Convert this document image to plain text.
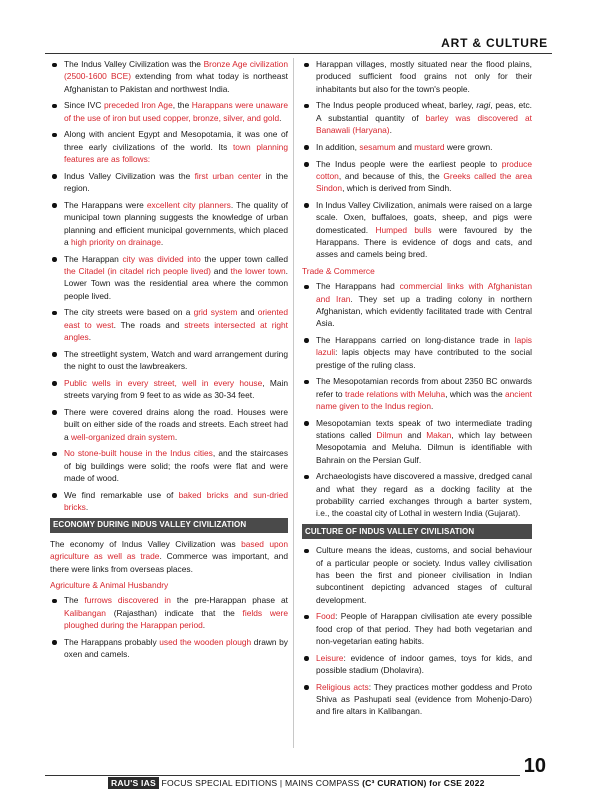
ART & CULTURE
The Indus Valley Civilization was the Bronze Age civilization (2500-1600 BCE) extending from what today is northeast Afghanistan to Pakistan and northwest India.
Since IVC preceded Iron Age, the Harappans were unaware of the use of iron but used copper, bronze, silver, and gold.
Along with ancient Egypt and Mesopotamia, it was one of three early civilizations of the world. Its town planning features are as follows:
Indus Valley Civilization was the first urban center in the region.
The Harappans were excellent city planners. The quality of municipal town planning suggests the knowledge of urban planning and efficient municipal governments, which placed a high priority on drainage.
The Harappan city was divided into the upper town called the Citadel (in citadel rich people lived) and the lower town. Lower Town was the residential area where the common people lived.
The city streets were based on a grid system and oriented east to west. The roads and streets intersected at right angles.
The streetlight system, Watch and ward arrangement during the night to oust the lawbreakers.
Public wells in every street, well in every house, Main streets varying from 9 feet to as wide as 30-34 feet.
There were covered drains along the road. Houses were built on either side of the roads and streets. Each street had a well-organized drain system.
No stone-built house in the Indus cities, and the staircases of big buildings were solid; the roofs were flat and were made of wood.
We find remarkable use of baked bricks and sun-dried bricks.
ECONOMY DURING INDUS VALLEY CIVILIZATION

The economy of Indus Valley Civilization was based upon agriculture as well as trade. Commerce was important, and there were links from overseas places.

Agriculture & Animal Husbandry
The furrows discovered in the pre-Harappan phase at Kalibangan (Rajasthan) indicate that the fields were ploughed during the Harappan period.
The Harappans probably used the wooden plough drawn by oxen and camels.
Harappan villages, mostly situated near the flood plains, produced sufficient food grains not only for their inhabitants but also for the town's people.
The Indus people produced wheat, barley, ragi, peas, etc. A substantial quantity of barley was discovered at Banawali (Haryana).
In addition, sesamum and mustard were grown.
The Indus people were the earliest people to produce cotton, and because of this, the Greeks called the area Sindon, which is derived from Sindh.
In Indus Valley Civilization, animals were raised on a large scale. Oxen, buffaloes, goats, sheep, and pigs were domesticated. Humped bulls were favoured by the Harappans. There is evidence of dogs and cats, and asses and camels being bred.
Trade & Commerce
The Harappans had commercial links with Afghanistan and Iran. They set up a trading colony in northern Afghanistan, which evidently facilitated trade with Central Asia.
The Harappans carried on long-distance trade in lapis lazuli: lapis objects may have contributed to the social prestige of the ruling class.
The Mesopotamian records from about 2350 BC onwards refer to trade relations with Meluha, which was the ancient name given to the Indus region.
Mesopotamian texts speak of two intermediate trading stations called Dilmun and Makan, which lay between Mesopotamia and Meluha. Dilmun is identifiable with Bahrain on the Persian Gulf.
Archaeologists have discovered a massive, dredged canal and what they regard as a docking facility at the probability carried exchanges through a barter system, i.e., the coastal city of Lothal in western India (Gujarat).
CULTURE OF INDUS VALLEY CIVILISATION
Culture means the ideas, customs, and social behaviour of a particular people or society. Indus valley civilisation has been the first and pioneer civilisation in Indian subcontinent depicting advanced stages of cultural development.
Food: People of Harappan civilisation ate every possible food crop of that period. They had both vegetarian and non-vegetarian eating habits.
Leisure: evidence of indoor games, toys for kids, and possible stadium (Dholavira).
Religious acts: They practices mother goddess and Proto Shiva as Pashupati seal (evidence from Mohenjo-Daro) and fire altars in Kalibangan.
10
RAU'S IAS FOCUS SPECIAL EDITIONS | MAINS COMPASS (C³ CURATION) for CSE 2022
